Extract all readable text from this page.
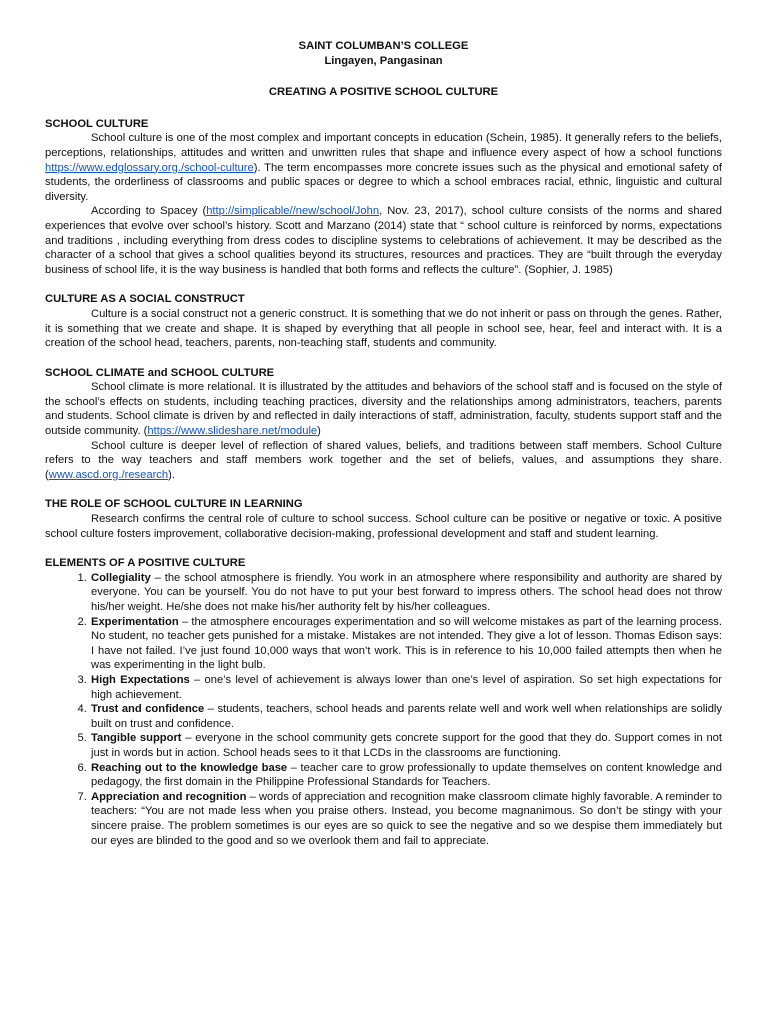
SAINT COLUMBAN’S COLLEGE
Lingayen, Pangasinan
CREATING A POSITIVE SCHOOL CULTURE
SCHOOL CULTURE

School culture is one of the most complex and important concepts in education (Schein, 1985). It generally refers to the beliefs, perceptions, relationships, attitudes and written and unwritten rules that shape and influence every aspect of how a school functions https://www.edglossary.org./school-culture). The term encompasses more concrete issues such as the physical and emotional safety of students, the orderliness of classrooms and public spaces or degree to which a school embraces racial, ethnic, linguistic and cultural diversity.

According to Spacey (http://simplicable//new/school/John, Nov. 23, 2017), school culture consists of the norms and shared experiences that evolve over school’s history. Scott and Marzano (2014) state that “ school culture is reinforced by norms, expectations and traditions , including everything from dress codes to discipline systems to celebrations of achievement. It may be described as the character of a school that gives a school qualities beyond its structures, resources and practices. They are “built through the everyday business of school life, it is the way business is handled that both forms and reflects the culture”. (Sophier, J. 1985)

CULTURE AS A SOCIAL CONSTRUCT

Culture is a social construct not a generic construct. It is something that we do not inherit or pass on through the genes. Rather, it is something that we create and shape. It is shaped by everything that all people in school see, hear, feel and interact with. It is a creation of the school head, teachers, parents, non-teaching staff, students and community.

SCHOOL CLIMATE and SCHOOL CULTURE

School climate is more relational. It is illustrated by the attitudes and behaviors of the school staff and is focused on the style of the school’s effects on students, including teaching practices, diversity and the relationships among administrators, teachers, parents and students. School climate is driven by and reflected in daily interactions of staff, administration, faculty, students support staff and the outside community. (https://www.slideshare.net/module)

School culture is deeper level of reflection of shared values, beliefs, and traditions between staff members. School Culture refers to the way teachers and staff members work together and the set of beliefs, values, and assumptions they share. (www.ascd.org./research).

THE ROLE OF SCHOOL CULTURE IN LEARNING

Research confirms the central role of culture to school success. School culture can be positive or negative or toxic. A positive school culture fosters improvement, collaborative decision-making, professional development and staff and student learning.

ELEMENTS OF A POSITIVE CULTURE
1. Collegiality – the school atmosphere is friendly. You work in an atmosphere where responsibility and authority are shared by everyone. You can be yourself. You do not have to put your best forward to impress others. The school head does not throw his/her weight. He/she does not make his/her authority felt by his/her colleagues.
2. Experimentation – the atmosphere encourages experimentation and so will welcome mistakes as part of the learning process. No student, no teacher gets punished for a mistake. Mistakes are not intended. They give a lot of lesson. Thomas Edison says: I have not failed. I’ve just found 10,000 ways that won’t work. This is in reference to his 10,000 failed attempts then when he was experimenting in the light bulb.
3. High Expectations – one’s level of achievement is always lower than one’s level of aspiration. So set high expectations for high achievement.
4. Trust and confidence – students, teachers, school heads and parents relate well and work well when relationships are solidly built on trust and confidence.
5. Tangible support – everyone in the school community gets concrete support for the good that they do. Support comes in not just in words but in action. School heads sees to it that LCDs in the classrooms are functioning.
6. Reaching out to the knowledge base – teacher care to grow professionally to update themselves on content knowledge and pedagogy, the first domain in the Philippine Professional Standards for Teachers.
7. Appreciation and recognition – words of appreciation and recognition make classroom climate highly favorable. A reminder to teachers: “You are not made less when you praise others. Instead, you become magnanimous. So don’t be stingy with your sincere praise. The problem sometimes is our eyes are so quick to see the negative and so we despise them immediately but our eyes are blinded to the good and so we overlook them and fail to appreciate.
